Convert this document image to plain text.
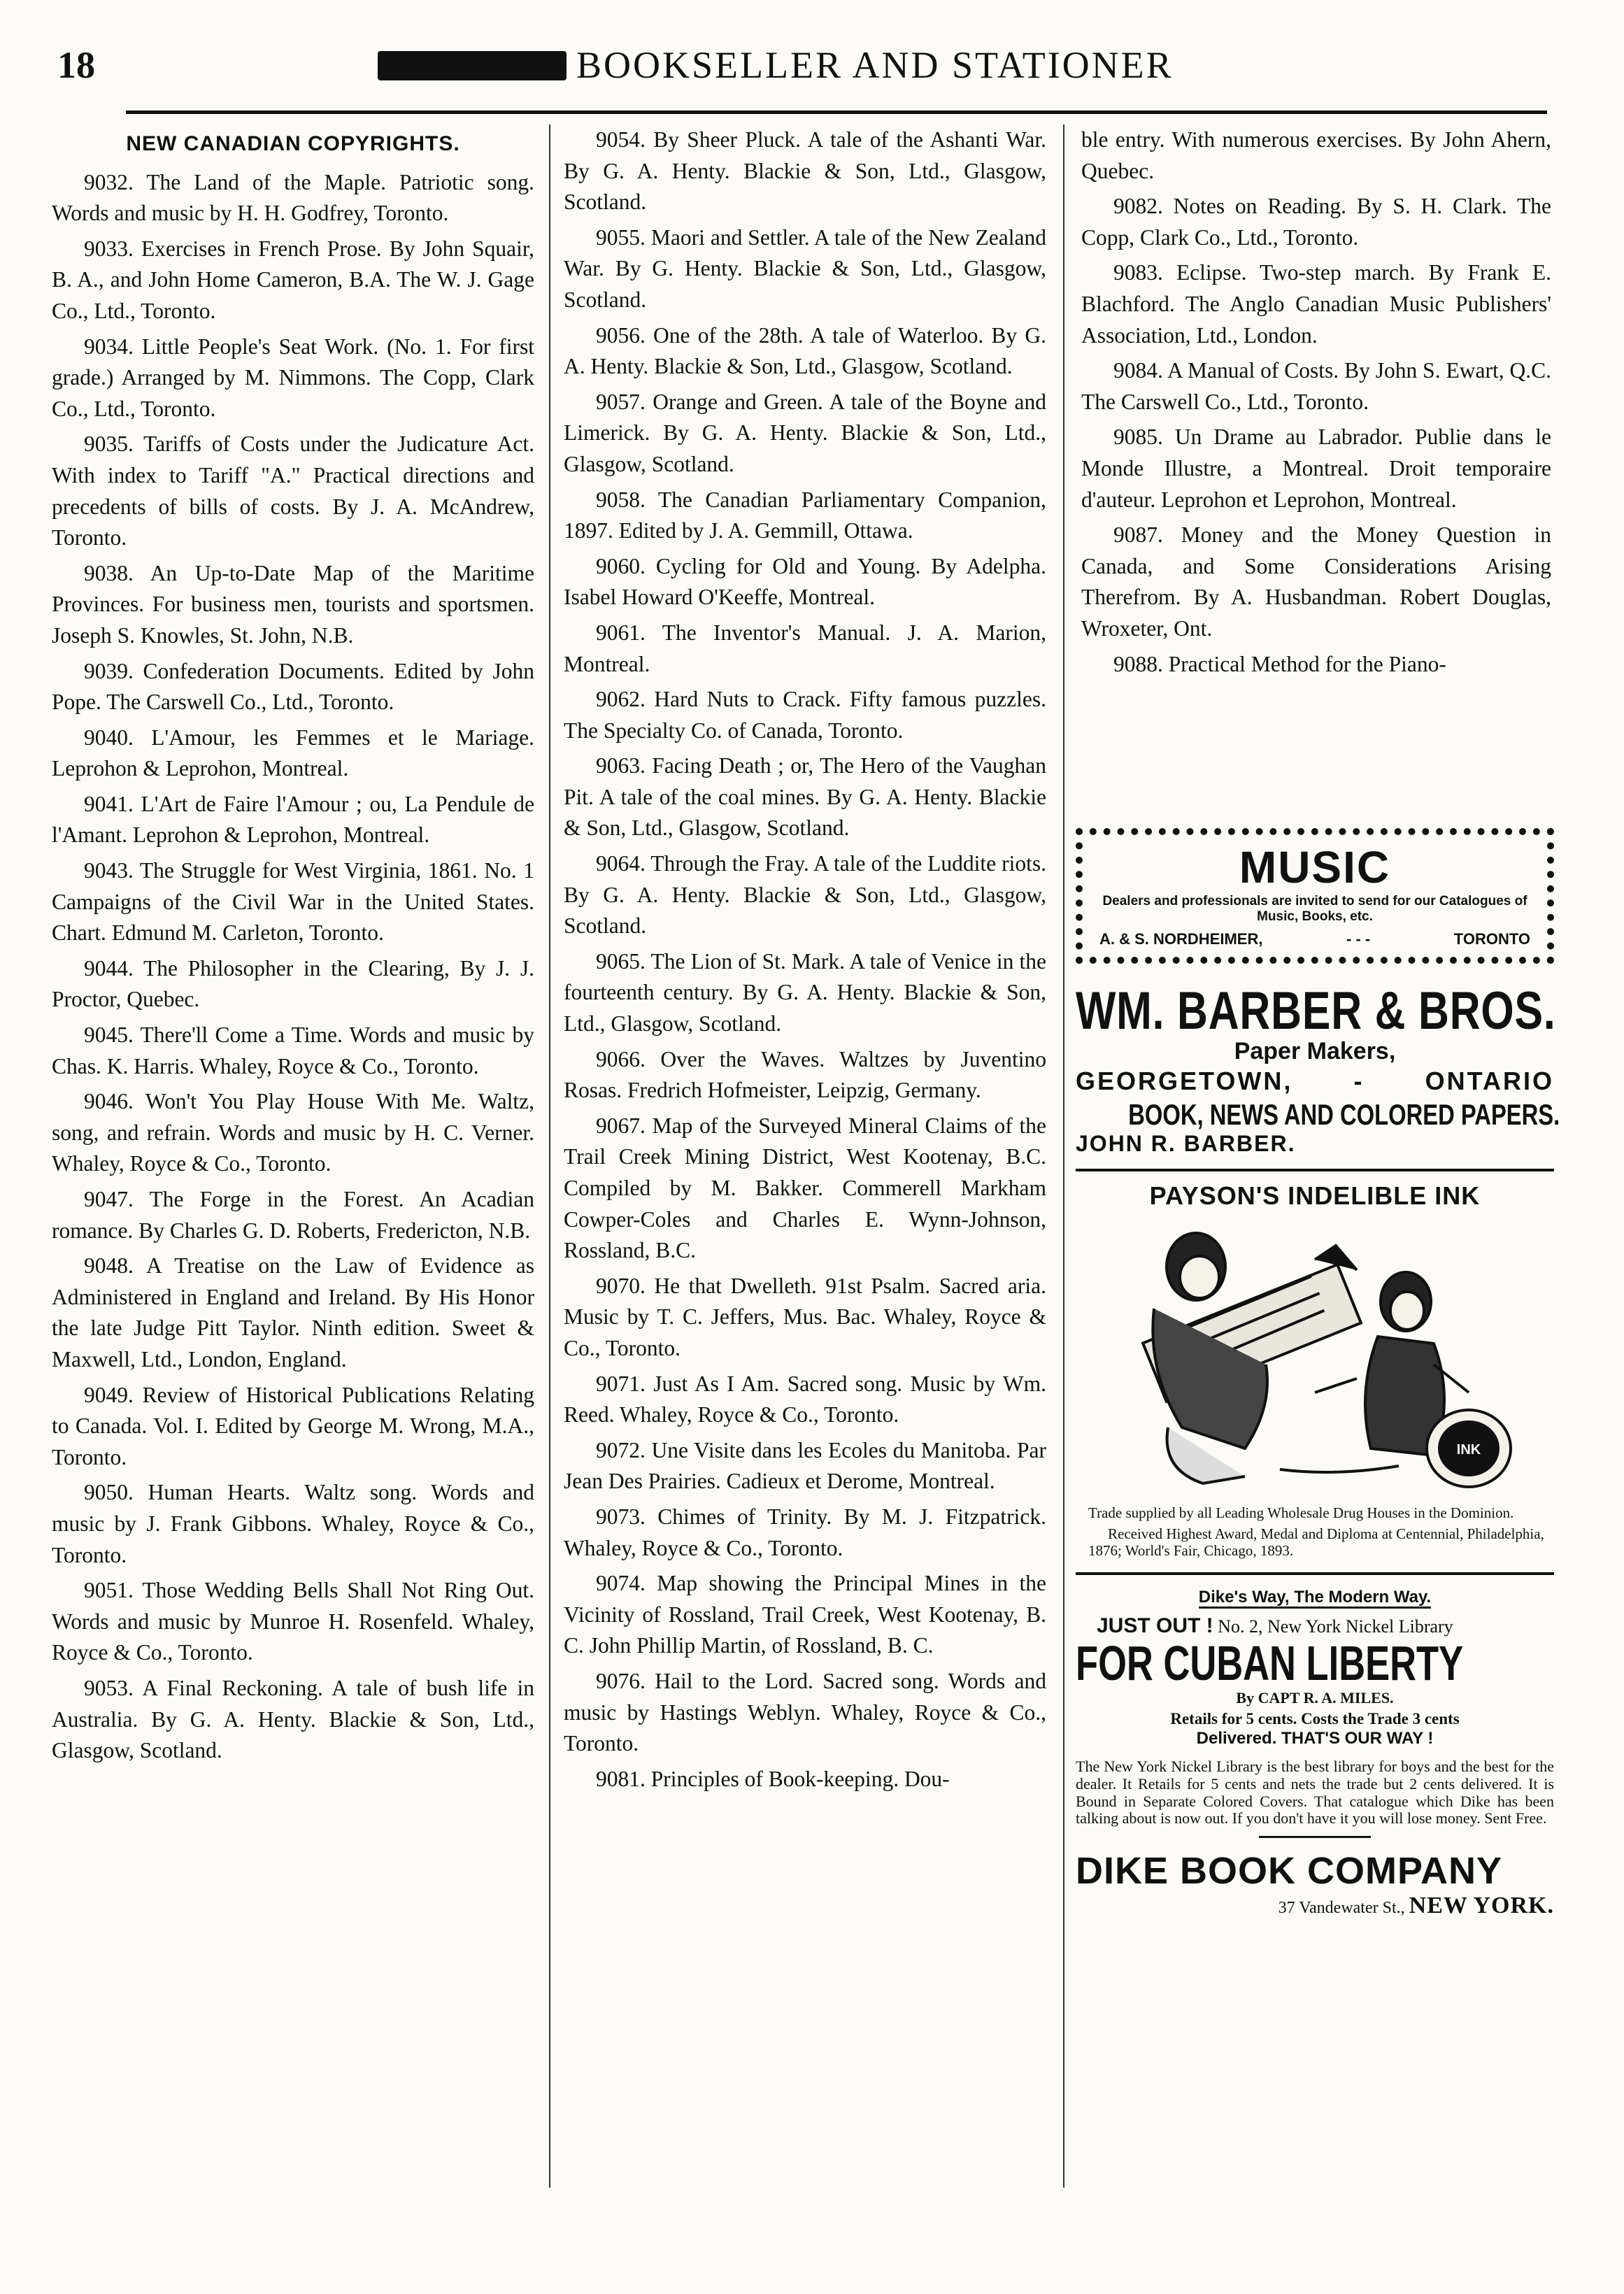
18	BOOKSELLER AND STATIONER
NEW CANADIAN COPYRIGHTS.

9032. The Land of the Maple. Patriotic song. Words and music by H. H. Godfrey, Toronto.

9033. Exercises in French Prose. By John Squair, B. A., and John Home Cameron, B.A. The W. J. Gage Co., Ltd., Toronto.

9034. Little People's Seat Work. (No. 1. For first grade.) Arranged by M. Nimmons. The Copp, Clark Co., Ltd., Toronto.

9035. Tariffs of Costs under the Judicature Act. With index to Tariff "A." Practical directions and precedents of bills of costs. By J. A. McAndrew, Toronto.

9038. An Up-to-Date Map of the Maritime Provinces. For business men, tourists and sportsmen. Joseph S. Knowles, St. John, N.B.

9039. Confederation Documents. Edited by John Pope. The Carswell Co., Ltd., Toronto.

9040. L'Amour, les Femmes et le Mariage. Leprohon & Leprohon, Montreal.

9041. L'Art de Faire l'Amour ; ou, La Pendule de l'Amant. Leprohon & Leprohon, Montreal.

9043. The Struggle for West Virginia, 1861. No. 1 Campaigns of the Civil War in the United States. Chart. Edmund M. Carleton, Toronto.

9044. The Philosopher in the Clearing, By J. J. Proctor, Quebec.

9045. There'll Come a Time. Words and music by Chas. K. Harris. Whaley, Royce & Co., Toronto.

9046. Won't You Play House With Me. Waltz, song, and refrain. Words and music by H. C. Verner. Whaley, Royce & Co., Toronto.

9047. The Forge in the Forest. An Acadian romance. By Charles G. D. Roberts, Fredericton, N.B.

9048. A Treatise on the Law of Evidence as Administered in England and Ireland. By His Honor the late Judge Pitt Taylor. Ninth edition. Sweet & Maxwell, Ltd., London, England.

9049. Review of Historical Publications Relating to Canada. Vol. I. Edited by George M. Wrong, M.A., Toronto.

9050. Human Hearts. Waltz song. Words and music by J. Frank Gibbons. Whaley, Royce & Co., Toronto.

9051. Those Wedding Bells Shall Not Ring Out. Words and music by Munroe H. Rosenfeld. Whaley, Royce & Co., Toronto.

9053. A Final Reckoning. A tale of bush life in Australia. By G. A. Henty. Blackie & Son, Ltd., Glasgow, Scotland.

9054. By Sheer Pluck. A tale of the Ashanti War. By G. A. Henty. Blackie & Son, Ltd., Glasgow, Scotland.

9055. Maori and Settler. A tale of the New Zealand War. By G. Henty. Blackie & Son, Ltd., Glasgow, Scotland.

9056. One of the 28th. A tale of Waterloo. By G. A. Henty. Blackie & Son, Ltd., Glasgow, Scotland.

9057. Orange and Green. A tale of the Boyne and Limerick. By G. A. Henty. Blackie & Son, Ltd., Glasgow, Scotland.

9058. The Canadian Parliamentary Companion, 1897. Edited by J. A. Gemmill, Ottawa.

9060. Cycling for Old and Young. By Adelpha. Isabel Howard O'Keeffe, Montreal.

9061. The Inventor's Manual. J. A. Marion, Montreal.

9062. Hard Nuts to Crack. Fifty famous puzzles. The Specialty Co. of Canada, Toronto.

9063. Facing Death ; or, The Hero of the Vaughan Pit. A tale of the coal mines. By G. A. Henty. Blackie & Son, Ltd., Glasgow, Scotland.

9064. Through the Fray. A tale of the Luddite riots. By G. A. Henty. Blackie & Son, Ltd., Glasgow, Scotland.

9065. The Lion of St. Mark. A tale of Venice in the fourteenth century. By G. A. Henty. Blackie & Son, Ltd., Glasgow, Scotland.

9066. Over the Waves. Waltzes by Juventino Rosas. Fredrich Hofmeister, Leipzig, Germany.

9067. Map of the Surveyed Mineral Claims of the Trail Creek Mining District, West Kootenay, B.C. Compiled by M. Bakker. Commerell Markham Cowper-Coles and Charles E. Wynn-Johnson, Rossland, B.C.

9070. He that Dwelleth. 91st Psalm. Sacred aria. Music by T. C. Jeffers, Mus. Bac. Whaley, Royce & Co., Toronto.

9071. Just As I Am. Sacred song. Music by Wm. Reed. Whaley, Royce & Co., Toronto.

9072. Une Visite dans les Ecoles du Manitoba. Par Jean Des Prairies. Cadieux et Derome, Montreal.

9073. Chimes of Trinity. By M. J. Fitzpatrick. Whaley, Royce & Co., Toronto.

9074. Map showing the Principal Mines in the Vicinity of Rossland, Trail Creek, West Kootenay, B. C. John Phillip Martin, of Rossland, B. C.

9076. Hail to the Lord. Sacred song. Words and music by Hastings Weblyn. Whaley, Royce & Co., Toronto.

9081. Principles of Book-keeping. Dou-

ble entry. With numerous exercises. By John Ahern, Quebec.

9082. Notes on Reading. By S. H. Clark. The Copp, Clark Co., Ltd., Toronto.

9083. Eclipse. Two-step march. By Frank E. Blachford. The Anglo Canadian Music Publishers' Association, Ltd., London.

9084. A Manual of Costs. By John S. Ewart, Q.C. The Carswell Co., Ltd., Toronto.

9085. Un Drame au Labrador. Publie dans le Monde Illustre, a Montreal. Droit temporaire d'auteur. Leprohon et Leprohon, Montreal.

9087. Money and the Money Question in Canada, and Some Considerations Arising Therefrom. By A. Husbandman. Robert Douglas, Wroxeter, Ont.

9088. Practical Method for the Piano-

MUSIC
Dealers and professionals are invited to send for our Catalogues of Music, Books, etc.
A. & S. NORDHEIMER,	- - -	TORONTO
WM. BARBER & BROS.
Paper Makers,
GEORGETOWN, - ONTARIO
BOOK, NEWS AND COLORED PAPERS.
JOHN R. BARBER.
PAYSON'S INDELIBLE INK
INK
Trade supplied by all Leading Wholesale Drug Houses in the Dominion.
Received Highest Award, Medal and Diploma at Centennial, Philadelphia, 1876; World's Fair, Chicago, 1893.
Dike's Way, The Modern Way.
JUST OUT ! No. 2, New York Nickel Library
FOR CUBAN LIBERTY
By CAPT R. A. MILES.
Retails for 5 cents. Costs the Trade 3 cents
Delivered. THAT'S OUR WAY !
The New York Nickel Library is the best library for boys and the best for the dealer. It Retails for 5 cents and nets the trade but 2 cents delivered. It is Bound in Separate Colored Covers. That catalogue which Dike has been talking about is now out. If you don't have it you will lose money. Sent Free.
DIKE BOOK COMPANY
37 Vandewater St., NEW YORK.
